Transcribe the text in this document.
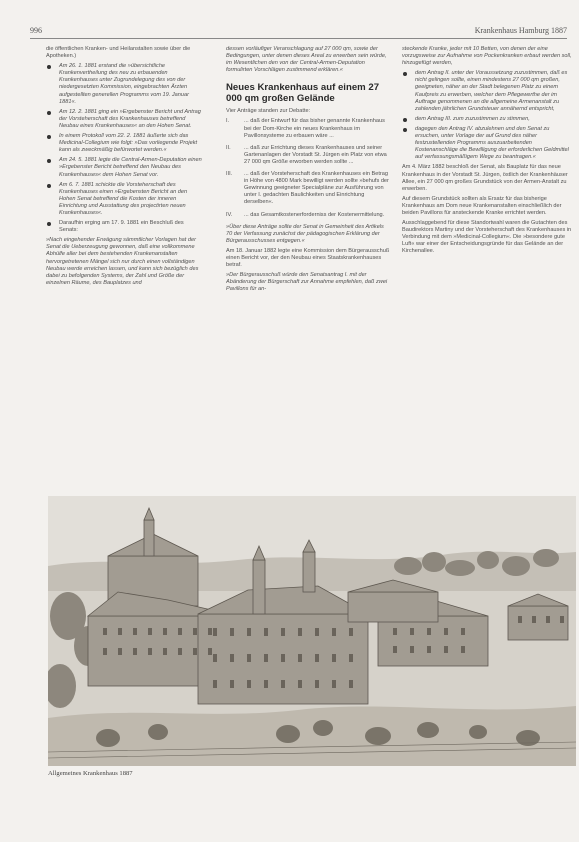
996	Krankenhaus Hamburg 1887

die öffentlichen Kranken- und Heilanstalten sowie über die Apotheken.)

Am 26. 1. 1881 erstand die »übersichtliche Krankenvertheilung des neu zu erbauenden Krankenhauses unter Zugrundelegung des von der niedergesetzten Kommission, eingebrachten Ärzten aufgestellten generellen Programms vom 19. Januar 1881«.

Am 12. 2. 1881 ging ein »Ergebenster Bericht und Antrag der Vorsteherschaft des Krankenhauses betreffend Neubau eines Krankenhauses« an den Hohen Senat.

In einem Protokoll vom 22. 2. 1881 äußerte sich das Medicinal-Collegium wie folgt: »Das vorliegende Projekt kann als zweckmäßig befürwortet werden.«

Am 24. 5. 1881 legte die Central-Armen-Deputation einen »Ergebenster Bericht betreffend den Neubau des Krankenhauses« dem Hohen Senat vor.

Am 6. 7. 1881 schickte die Vorsteherschaft des Krankenhauses einen »Ergebensten Bericht an den Hohen Senat betreffend die Kosten der inneren Einrichtung und Ausstattung des projectirten neuen Krankenhauses«.

Daraufhin erging am 17. 9. 1881 ein Beschluß des Senats:

»Nach eingehender Erwägung sämmtlicher Vorlagen hat der Senat die Ueberzeugung gewonnen, daß eine vollkommene Abhülfe aller bei dem bestehenden Krankenanstalten hervorgetretenen Mängel sich nur durch einen vollständigen Neubau werde erreichen lassen, und kann sich bezüglich des dabei zu befolgenden Systems, der Zahl und Größe der einzelnen Räume, des Bauplatzes und

dessen vorläufiger Veranschlagung auf 27 000 qm, sowie der Bedingungen, unter denen dieses Areal zu erwerben sein würde, im Wesentlichen den von der Central-Armen-Deputation formulirten Vorschlägen zustimmend erklären.«

Neues Krankenhaus auf einem 27 000 qm großen Gelände

Vier Anträge standen zur Debatte:

I.	... daß der Entwurf für das bisher genannte Krankenhaus bei der Dom-Kirche ein neues Krankenhaus im Pavillonsysteme zu erbauen wäre ...
II. ... daß zur Errichtung dieses Krankenhauses und seiner Gartenanlagen der Vorstadt St. Jürgen ein Platz von etwa 27 000 qm Größe erworben werden sollte ...
III. ... daß der Vorsteherschaft des Krankenhauses ein Betrag in Höhe von 4800 Mark bewilligt werden sollte »behufs der Gewinnung geeigneter Specialpläne zur Ausführung von unter I. gedachten Baulichkeiten und Einrichtung derselben«.
IV. ... das Gesamtkostenerforderniss der Kostenermittelung.

»Über diese Anträge sollte der Senat in Gemeinheit des Artikels 70 der Verfassung zunächst der pädagogischen Erklärung der Bürgerausschusses entgegen.«

Am 18. Januar 1882 legte eine Kommission dem Bürgerausschuß einen Bericht vor, der den Neubau eines Staatskrankenhauses betraf.

»Der Bürgerausschuß würde den Senatsantrag I. mit der Abänderung der Bürgerschaft zur Annahme empfehlen, daß zwei Pavillons für an-

steckende Kranke, jeder mit 10 Betten, von denen der eine vorzugsweise zur Aufnahme von Pockenkranken erbaut werden soll, hinzugefügt werden,

dem Antrag II. unter der Voraussetzung zuzustimmen, daß es nicht gelingen sollte, einen mindestens 27 000 qm großen, geeigneten, näher an der Stadt belegenen Platz zu einem Kaufpreis zu erwerben, welcher dem Pflegewerthe der im Auftrage genommenen an die allgemeine Armenanstalt zu zahlenden jährlichen Grundsteuer annähernd entspricht,

dem Antrag III. zum zuzustimmen zu stimmen,

dagegen den Antrag IV. abzulehnen und den Senat zu ersuchen, unter Vorlage der auf Grund des näher festzustellenden Programms auszuarbeitenden Kostenanschläge die Bewilligung der erforderlichen Geldmittel auf verfassungsmäßigem Wege zu beantragen.«

Am 4. März 1882 beschloß der Senat, als Bauplatz für das neue Krankenhaus in der Vorstadt St. Jürgen, östlich der Krankenhäuser Allee, ein 27 000 qm großes Grundstück von der Armen-Anstalt zu erwerben.

Auf diesem Grundstück sollten als Ersatz für das bisherige Krankenhaus am Dom neue Krankenanstalten einschließlich der beiden Pavillons für ansteckende Kranke errichtet werden.

Ausschlaggebend für diese Standortwahl waren die Gutachten des Baudirektors Martiny und der Vorsteherschaft des Krankenhauses in Verbindung mit dem »Medicinal-Collegium«. Die »besondere gute Luft« war einer der Entscheidungsgründe für das Gelände an der Kirchenallee.

Allgemeines Krankenhaus 1887
